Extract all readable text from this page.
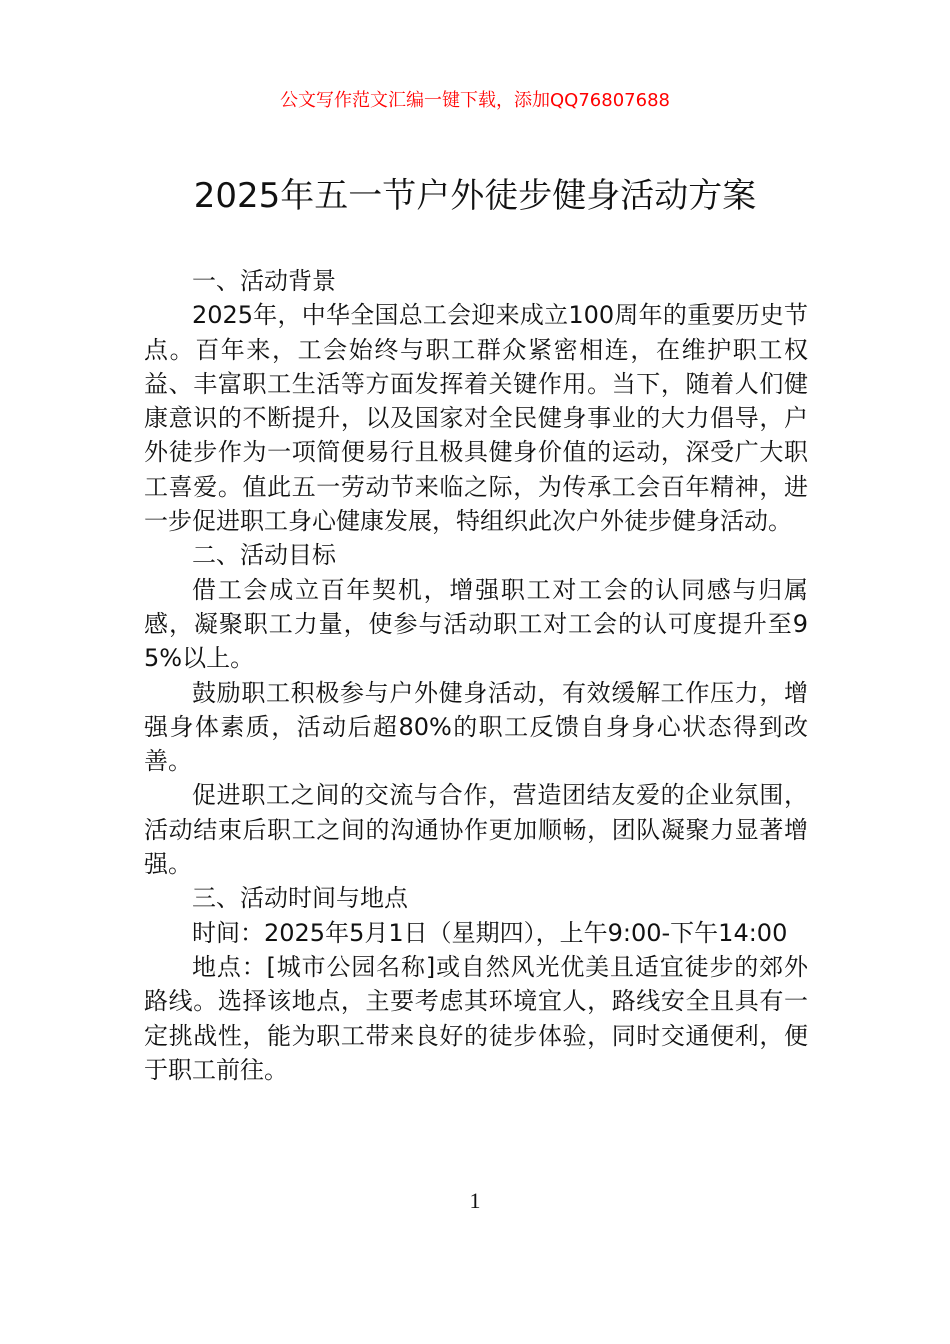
公文写作范文汇编一键下载，添加QQ76807688
2025年五一节户外徒步健身活动方案

一、活动背景

2025年，中华全国总工会迎来成立100周年的重要历史节点。百年来，工会始终与职工群众紧密相连，在维护职工权益、丰富职工生活等方面发挥着关键作用。当下，随着人们健康意识的不断提升，以及国家对全民健身事业的大力倡导，户外徒步作为一项简便易行且极具健身价值的运动，深受广大职工喜爱。值此五一劳动节来临之际，为传承工会百年精神，进一步促进职工身心健康发展，特组织此次户外徒步健身活动。

二、活动目标

借工会成立百年契机，增强职工对工会的认同感与归属感，凝聚职工力量，使参与活动职工对工会的认可度提升至95%以上。

鼓励职工积极参与户外健身活动，有效缓解工作压力，增强身体素质，活动后超80%的职工反馈自身身心状态得到改善。

促进职工之间的交流与合作，营造团结友爱的企业氛围，活动结束后职工之间的沟通协作更加顺畅，团队凝聚力显著增强。

三、活动时间与地点

时间：2025年5月1日（星期四），上午9:00-下午14:00

地点：[城市公园名称]或自然风光优美且适宜徒步的郊外路线。选择该地点，主要考虑其环境宜人，路线安全且具有一定挑战性，能为职工带来良好的徒步体验，同时交通便利，便于职工前往。

1
